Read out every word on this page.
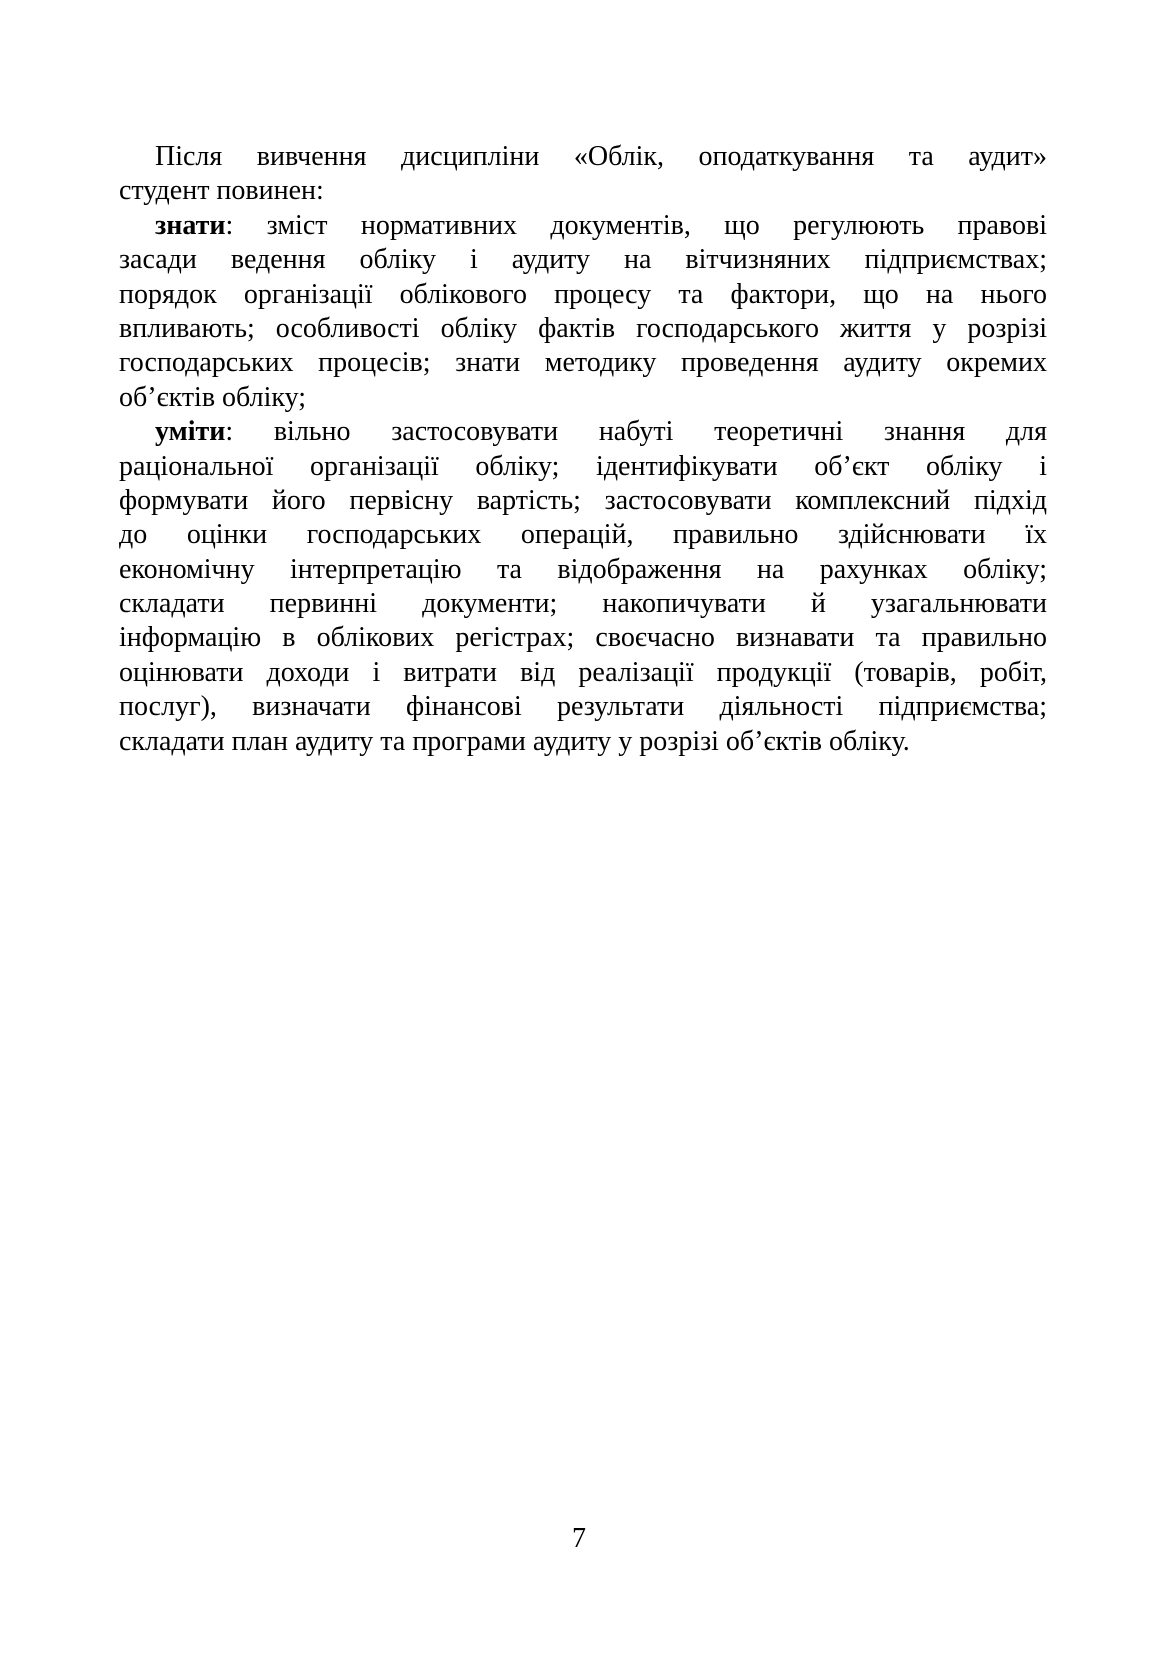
Після вивчення дисципліни «Облік, оподаткування та аудит»
студент повинен:
знати: зміст нормативних документів, що регулюють правові
засади ведення обліку і аудиту на вітчизняних підприємствах;
порядок організації облікового процесу та фактори, що на нього
впливають; особливості обліку фактів господарського життя у розрізі
господарських процесів; знати методику проведення аудиту окремих
об’єктів обліку;
уміти: вільно застосовувати набуті теоретичні знання для
раціональної організації обліку; ідентифікувати об’єкт обліку і
формувати його первісну вартість; застосовувати комплексний підхід
до оцінки господарських операцій, правильно здійснювати їх
економічну інтерпретацію та відображення на рахунках обліку;
складати первинні документи; накопичувати й узагальнювати
інформацію в облікових регістрах; своєчасно визнавати та правильно
оцінювати доходи і витрати від реалізації продукції (товарів, робіт,
послуг), визначати фінансові результати діяльності підприємства;
складати план аудиту та програми аудиту у розрізі об’єктів обліку.
7
